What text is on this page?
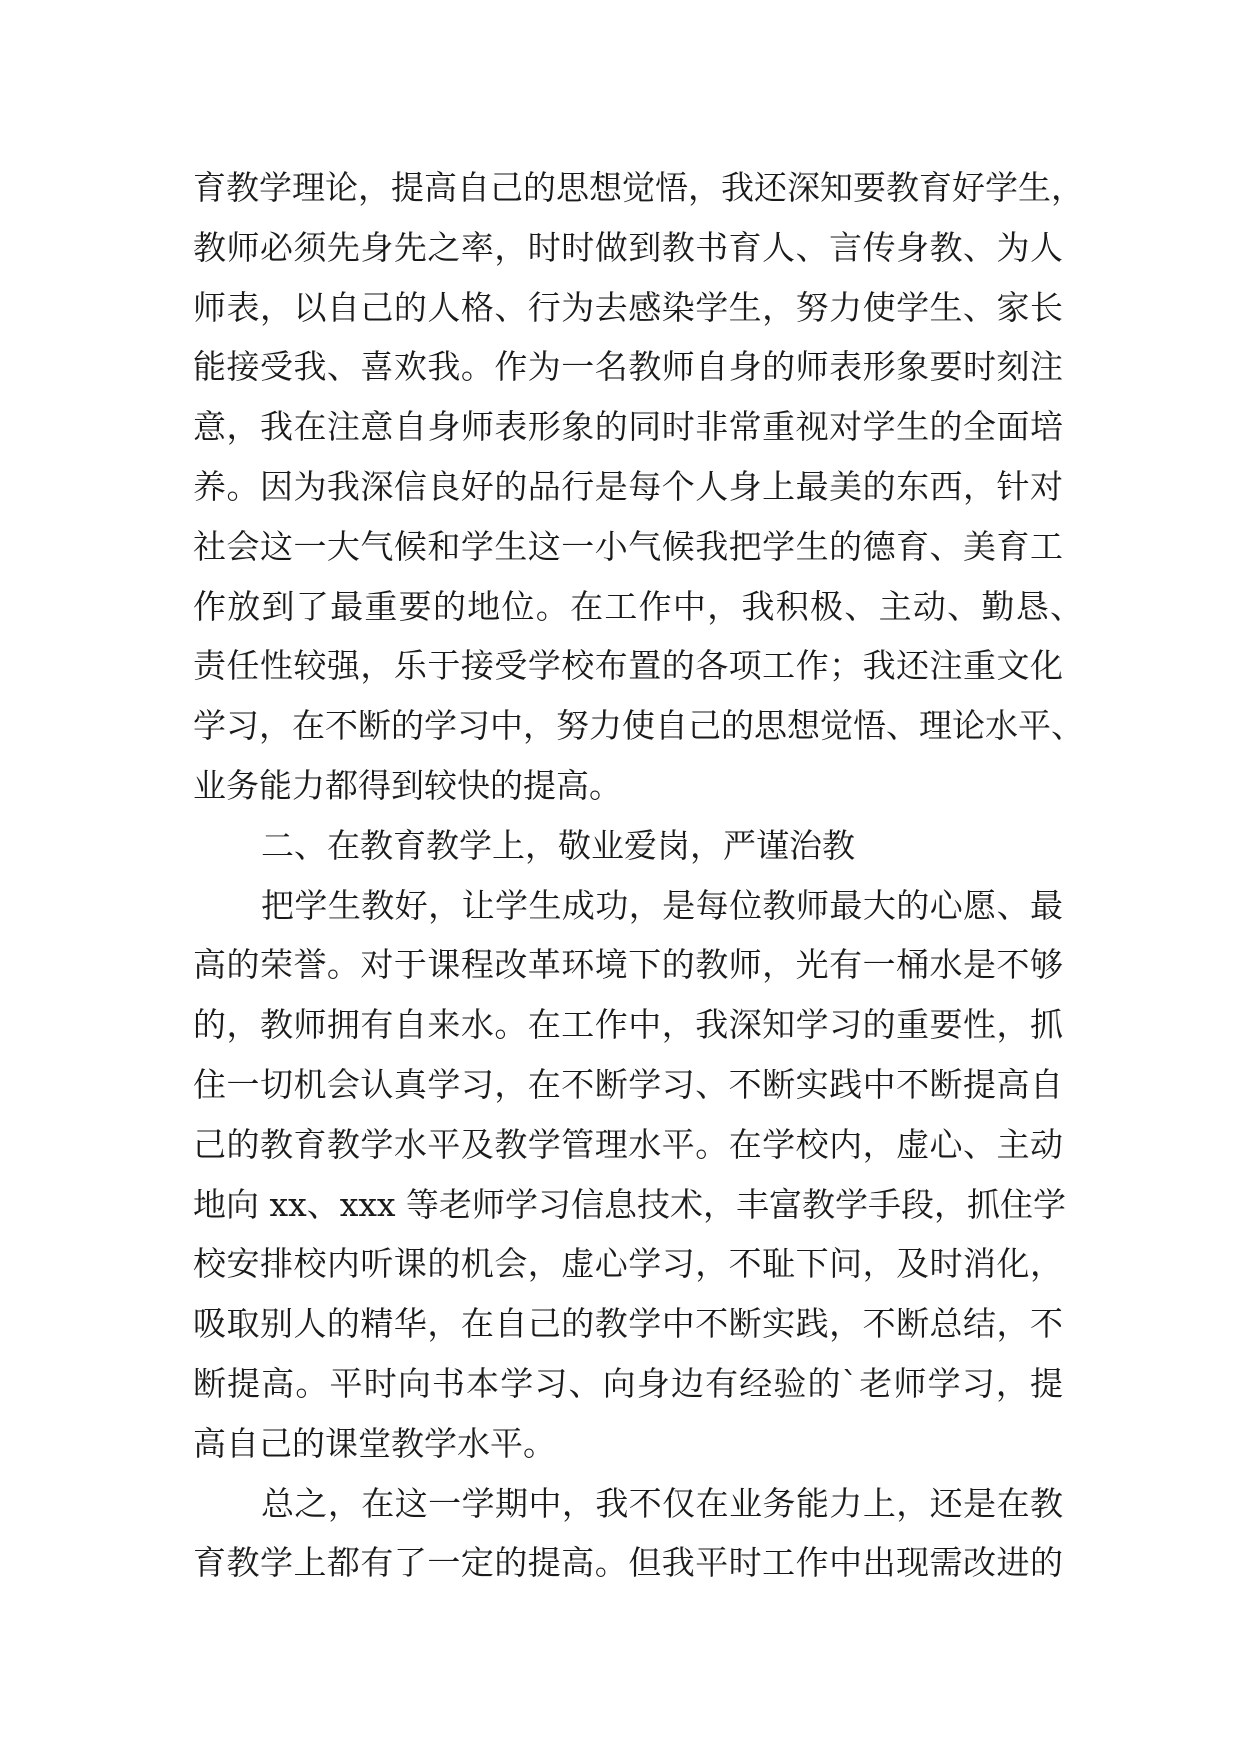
育教学理论，提高自己的思想觉悟，我还深知要教育好学生，
教师必须先身先之率，时时做到教书育人、言传身教、为人
师表，以自己的人格、行为去感染学生，努力使学生、家长
能接受我、喜欢我。作为一名教师自身的师表形象要时刻注
意，我在注意自身师表形象的同时非常重视对学生的全面培
养。因为我深信良好的品行是每个人身上最美的东西，针对
社会这一大气候和学生这一小气候我把学生的德育、美育工
作放到了最重要的地位。在工作中，我积极、主动、勤恳、
责任性较强，乐于接受学校布置的各项工作；我还注重文化
学习，在不断的学习中，努力使自己的思想觉悟、理论水平、
业务能力都得到较快的提高。
二、在教育教学上，敬业爱岗，严谨治教
把学生教好，让学生成功，是每位教师最大的心愿、最
高的荣誉。对于课程改革环境下的教师，光有一桶水是不够
的，教师拥有自来水。在工作中，我深知学习的重要性，抓
住一切机会认真学习，在不断学习、不断实践中不断提高自
己的教育教学水平及教学管理水平。在学校内，虚心、主动
地向 xx、xxx 等老师学习信息技术，丰富教学手段，抓住学
校安排校内听课的机会，虚心学习，不耻下问，及时消化，
吸取别人的精华，在自己的教学中不断实践，不断总结，不
断提高。平时向书本学习、向身边有经验的`老师学习，提
高自己的课堂教学水平。
总之，在这一学期中，我不仅在业务能力上，还是在教
育教学上都有了一定的提高。但我平时工作中出现需改进的
